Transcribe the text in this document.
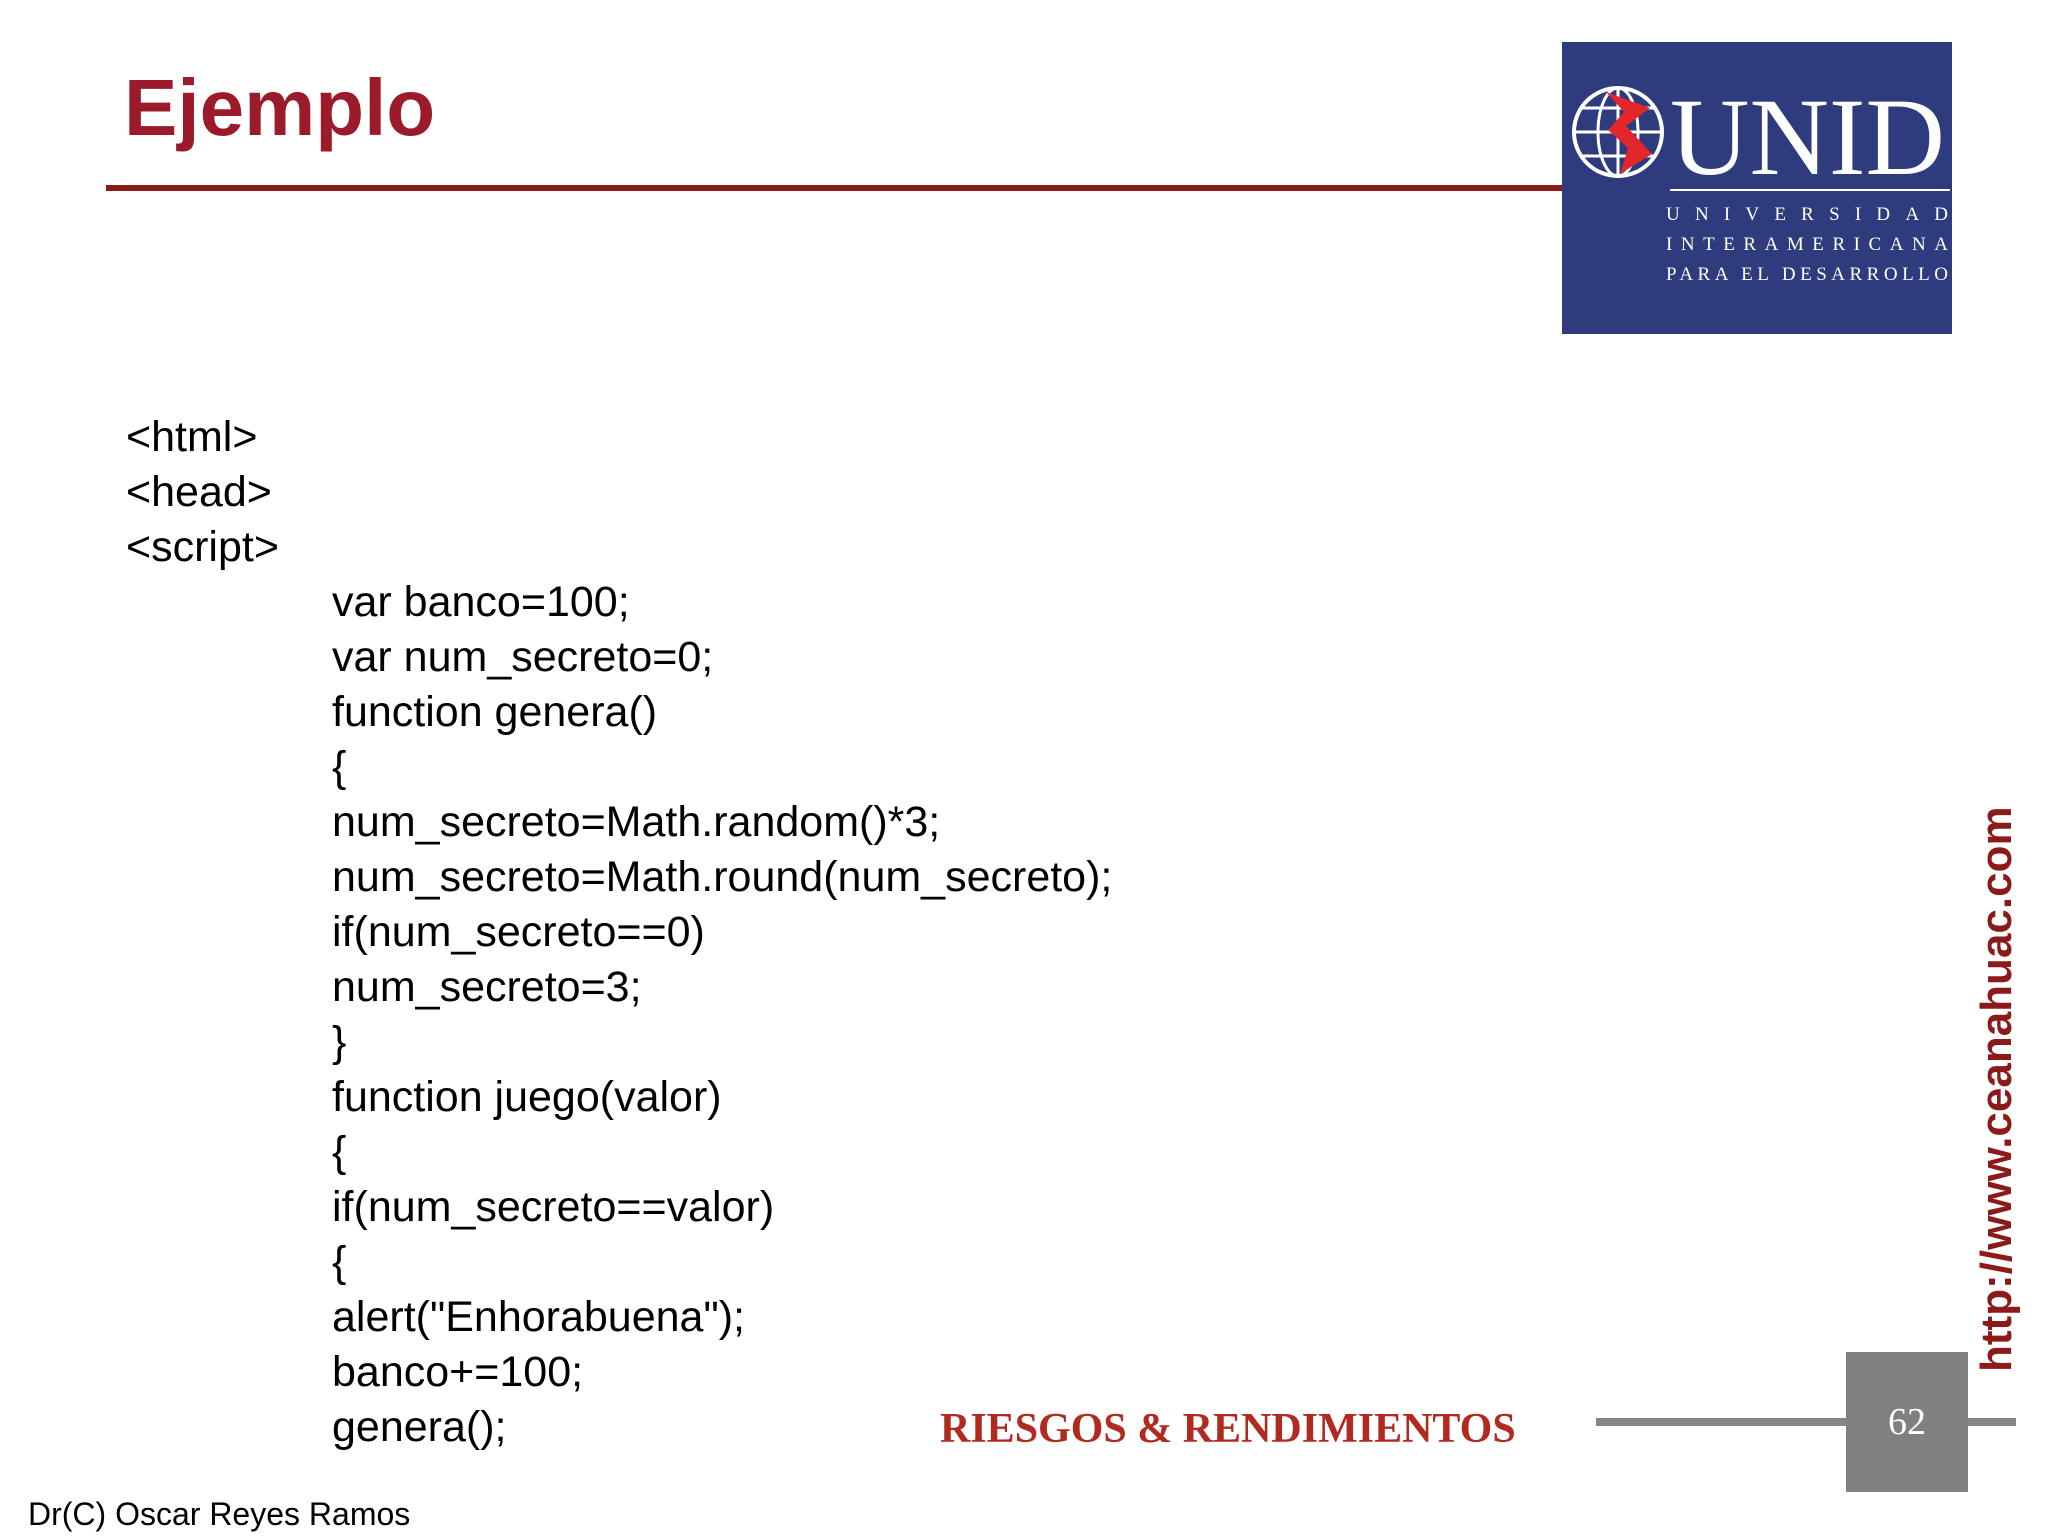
Ejemplo	UNID
UNIVERSIDAD
INTERAMERICANA
PARA EL DESARROLLO
<html>
<head>
<script>
var banco=100;
var num_secreto=0;
function genera()
{
num_secreto=Math.random()*3;
num_secreto=Math.round(num_secreto);
if(num_secreto==0)
num_secreto=3;
}
function juego(valor)
{
if(num_secreto==valor)
{
alert("Enhorabuena");
banco+=100;
genera();
http://www.ceanahuac.com
RIESGOS & RENDIMIENTOS	62
Dr(C) Oscar Reyes Ramos
